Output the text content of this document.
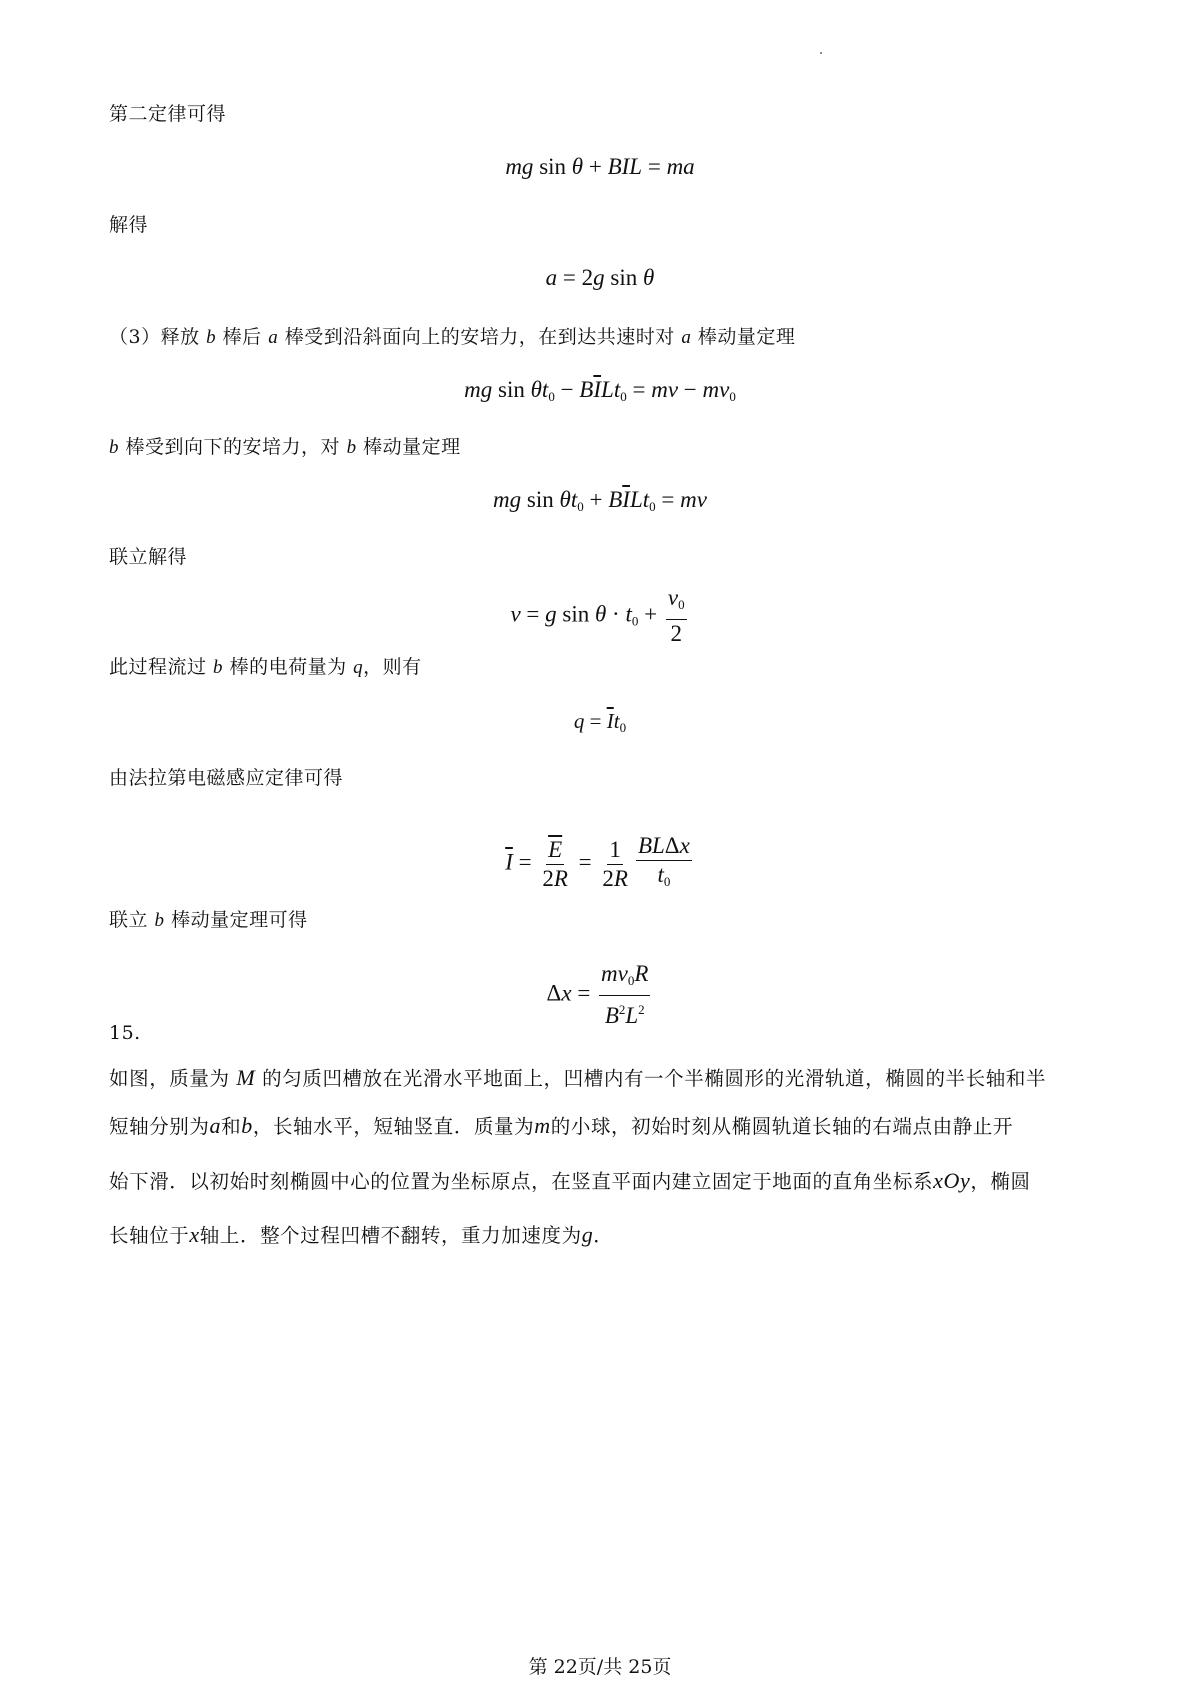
第二定律可得
mg sin θ + BIL = ma
解得
a = 2g sin θ
（3）释放 b 棒后 a 棒受到沿斜面向上的安培力，在到达共速时对 a 棒动量定理
mg $\sin \theta t_0 - B\overline{I}Lt_0$ = mv − $mv_0$
b 棒受到向下的安培力，对 b 棒动量定理
mg $\sin \theta t_0 + B\overline{I}Lt_0$ = mv
联立解得
v = g $\sin \theta \cdot t_0 + \frac{v_0}{2}$
此过程流过 b 棒的电荷量为 q，则有
$q = \overline{I}t_0$
由法拉第电磁感应定律可得
$\overline{I} = \frac{\overline{E}}{2R} = \frac{1}{2R} \frac{\text{BLΔx}}{t_0}$
联立 b 棒动量定理可得
$\Delta x = \frac{mv_0R}{B^2L^2}$
15.
如图，质量为 M 的匀质凹槽放在光滑水平地面上，凹槽内有一个半椭圆形的光滑轨道，椭圆的半长轴和半
短轴分别为a和b，长轴水平，短轴竖直．质量为m的小球，初始时刻从椭圆轨道长轴的右端点由静止开
始下滑．以初始时刻椭圆中心的位置为坐标原点，在竖直平面内建立固定于地面的直角坐标系xOy，椭圆
长轴位于x轴上．整个过程凹槽不翻转，重力加速度为g．
第 22页/共 25页
